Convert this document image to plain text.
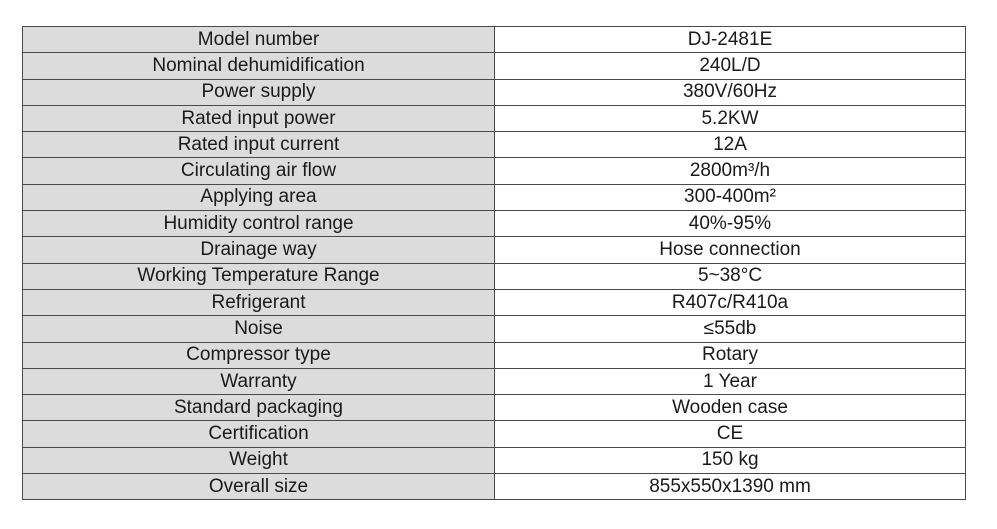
Model number	DJ-2481E
Nominal dehumidification	240L/D
Power supply	380V/60Hz
Rated input power	5.2KW
Rated input current	12A
Circulating air flow	2800m³/h
Applying area	300-400m²
Humidity control range	40%-95%
Drainage way	Hose connection
Working Temperature Range	5~38°C
Refrigerant	R407c/R410a
Noise	≤55db
Compressor type	Rotary
Warranty	1 Year
Standard packaging	Wooden case
Certification	CE
Weight	150 kg
Overall size	855x550x1390 mm
